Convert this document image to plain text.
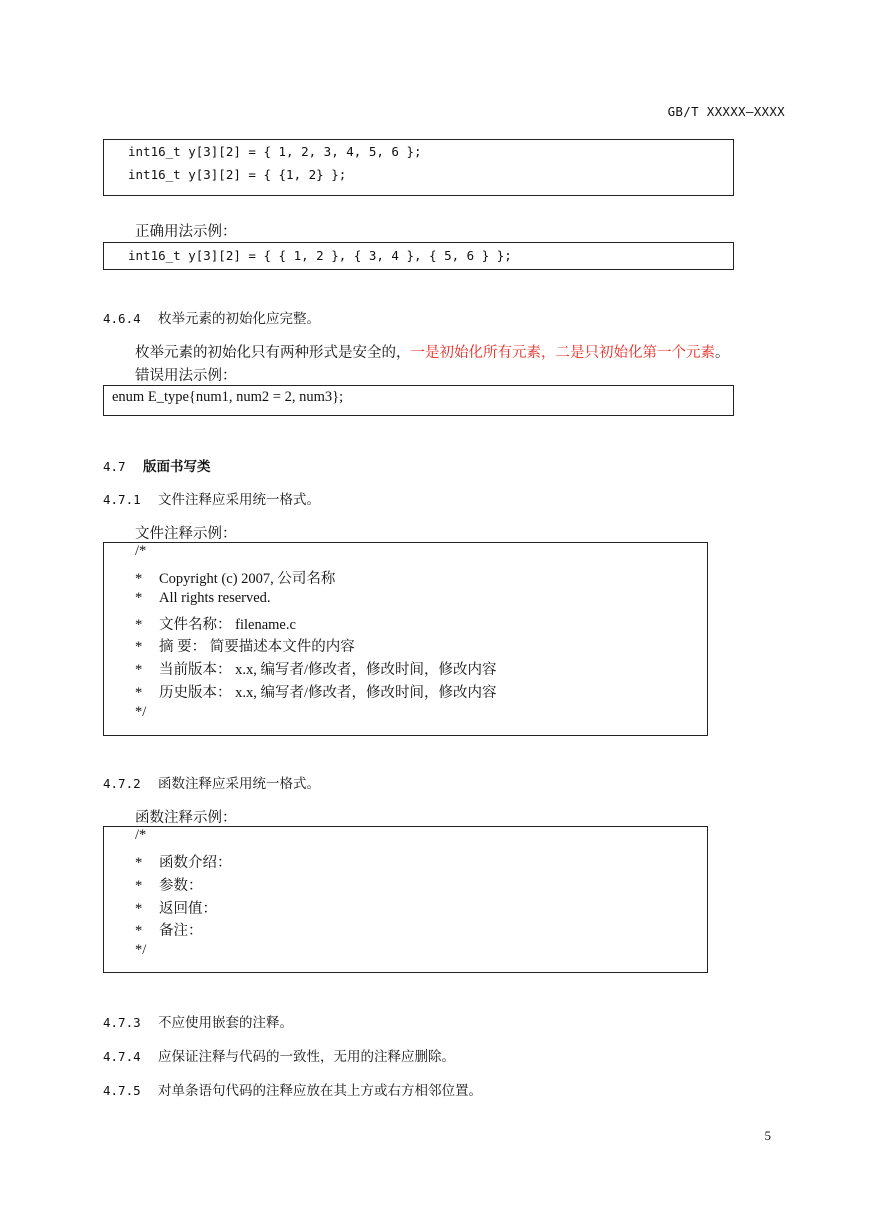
GB/T XXXXX—XXXX
int16_t y[3][2] = { 1, 2, 3, 4, 5, 6 };
int16_t y[3][2] = { {1, 2} };
正确用法示例：
int16_t y[3][2] = { { 1, 2 }, { 3, 4 }, { 5, 6 } };
4.6.4 枚举元素的初始化应完整。
枚举元素的初始化只有两种形式是安全的，一是初始化所有元素，二是只初始化第一个元素。
错误用法示例：
enum E_type{num1, num2 = 2, num3};
4.7 版面书写类
4.7.1 文件注释应采用统一格式。
文件注释示例：
/*
* Copyright (c) 2007, 公司名称
* All rights reserved.
* 文件名称： filename.c
* 摘 要： 简要描述本文件的内容
* 当前版本： x.x, 编写者/修改者，修改时间，修改内容
* 历史版本： x.x, 编写者/修改者，修改时间，修改内容
*/
4.7.2 函数注释应采用统一格式。
函数注释示例：
/*
* 函数介绍：
* 参数：
* 返回值：
* 备注：
*/
4.7.3 不应使用嵌套的注释。
4.7.4 应保证注释与代码的一致性，无用的注释应删除。
4.7.5 对单条语句代码的注释应放在其上方或右方相邻位置。
5
